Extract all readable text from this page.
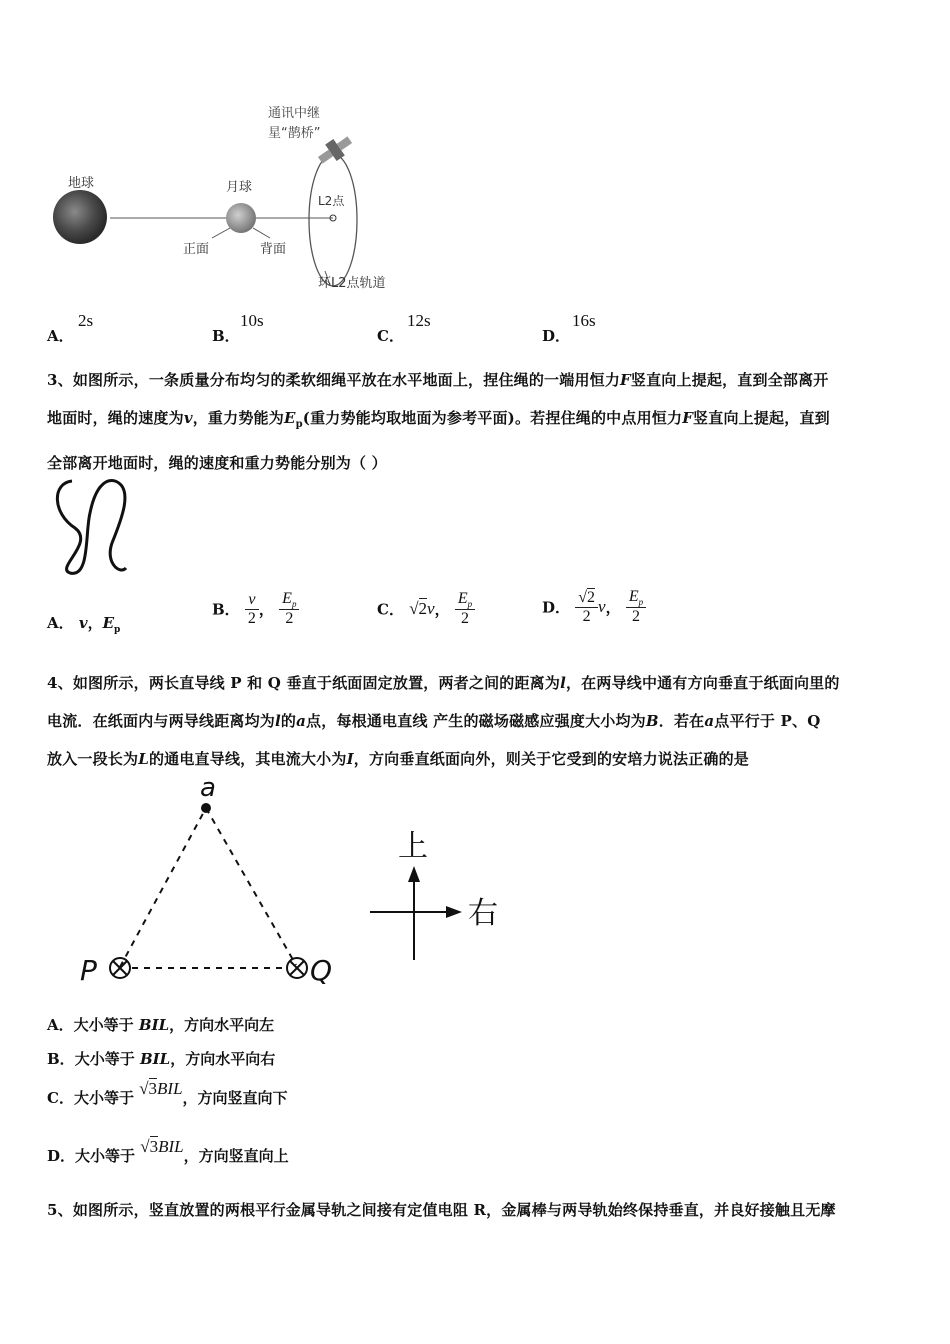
地球	月球
正面	背面
L2点
通讯中继
星“鹊桥”
环L2点轨道
A．
2s
B．
10s
C．
12s
D．
16s
3、如图所示，一条质量分布均匀的柔软细绳平放在水平地面上，捏住绳的一端用恒力F竖直向上提起，直到全部离开
地面时，绳的速度为v，重力势能为$E_p$(重力势能均取地面为参考平面)。若捏住绳的中点用恒力F竖直向上提起，直到
全部离开地面时，绳的速度和重力势能分别为（ ）
A． v，$E_p$
B． $\frac{v}{2}$ ， $\frac{E_p}{2}$	C． √2v， $\frac{E_p}{2}$	D． $\frac{√2}{2}$ v， $\frac{E_p}{2}$
4、如图所示，两长直导线 P 和 Q 垂直于纸面固定放置，两者之间的距离为l，在两导线中通有方向垂直于纸面向里的
电流．在纸面内与两导线距离均为l的a点，每根通电直线 产生的磁场磁感应强度大小均为B．若在a点平行于 P、Q
放入一段长为L的通电直导线，其电流大小为I，方向垂直纸面向外，则关于它受到的安培力说法正确的是
a
P	Q
上
右
A．大小等于 BIL，方向水平向左
B．大小等于 BIL，方向水平向右
C．大小等于 √3BIL，方向竖直向下
D．大小等于 √3BIL，方向竖直向上
5、如图所示，竖直放置的两根平行金属导轨之间接有定值电阻 R，金属棒与两导轨始终保持垂直，并良好接触且无摩
